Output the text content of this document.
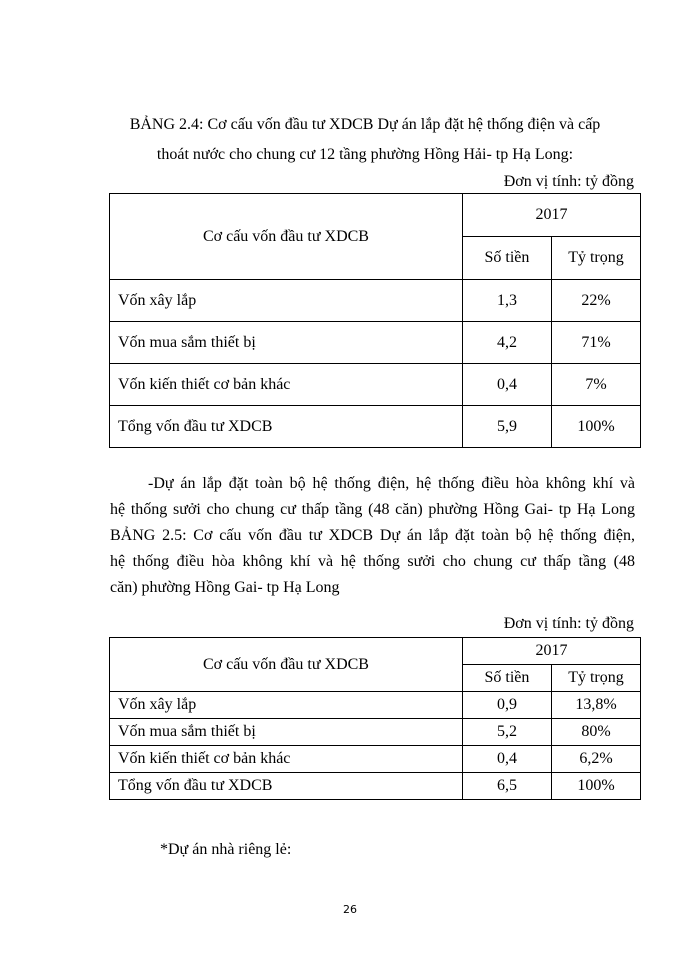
BẢNG 2.4: Cơ cấu vốn đầu tư XDCB Dự án lắp đặt hệ thống điện và cấp
thoát nước cho chung cư 12 tầng phường Hồng Hải- tp Hạ Long:
Đơn vị tính: tỷ đồng
Cơ cấu vốn đầu tư XDCB	2017	
	Số tiền	Tỷ trọng
Vốn xây lắp	1,3	22%
Vốn mua sắm thiết bị	4,2	71%
Vốn kiến thiết cơ bản khác	0,4	7%
Tổng vốn đầu tư XDCB	5,9	100%
-Dự án lắp đặt toàn bộ hệ thống điện, hệ thống điều hòa không khí và
hệ thống sưởi cho chung cư thấp tầng (48 căn) phường Hồng Gai- tp Hạ Long
BẢNG 2.5: Cơ cấu vốn đầu tư XDCB Dự án lắp đặt toàn bộ hệ thống điện,
hệ thống điều hòa không khí và hệ thống sưởi cho chung cư thấp tầng (48
căn) phường Hồng Gai- tp Hạ Long
Đơn vị tính: tỷ đồng
Cơ cấu vốn đầu tư XDCB	2017	
	Số tiền	Tỷ trọng
Vốn xây lắp	0,9	13,8%
Vốn mua sắm thiết bị	5,2	80%
Vốn kiến thiết cơ bản khác	0,4	6,2%
Tổng vốn đầu tư XDCB	6,5	100%
*Dự án nhà riêng lẻ:
26
